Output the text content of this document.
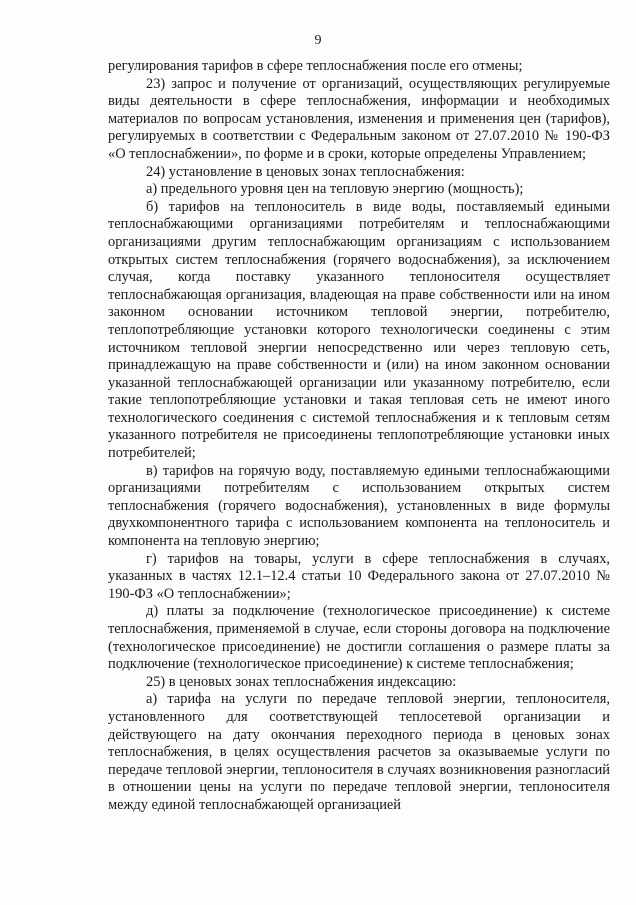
9

регулирования тарифов в сфере теплоснабжения после его отмены;

23) запрос и получение от организаций, осуществляющих регулируемые виды деятельности в сфере теплоснабжения, информации и необходимых материалов по вопросам установления, изменения и применения цен (тарифов), регулируемых в соответствии с Федеральным законом от 27.07.2010 № 190-ФЗ «О теплоснабжении», по форме и в сроки, которые определены Управлением;

24) установление в ценовых зонах теплоснабжения:

а) предельного уровня цен на тепловую энергию (мощность);

б) тарифов на теплоноситель в виде воды, поставляемый едиными теплоснабжающими организациями потребителям и теплоснабжающими организациями другим теплоснабжающим организациям с использованием открытых систем теплоснабжения (горячего водоснабжения), за исключением случая, когда поставку указанного теплоносителя осуществляет теплоснабжающая организация, владеющая на праве собственности или на ином законном основании источником тепловой энергии, потребителю, теплопотребляющие установки которого технологически соединены с этим источником тепловой энергии непосредственно или через тепловую сеть, принадлежащую на праве собственности и (или) на ином законном основании указанной теплоснабжающей организации или указанному потребителю, если такие теплопотребляющие установки и такая тепловая сеть не имеют иного технологического соединения с системой теплоснабжения и к тепловым сетям указанного потребителя не присоединены теплопотребляющие установки иных потребителей;

в) тарифов на горячую воду, поставляемую едиными теплоснабжающими организациями потребителям с использованием открытых систем теплоснабжения (горячего водоснабжения), установленных в виде формулы двухкомпонентного тарифа с использованием компонента на теплоноситель и компонента на тепловую энергию;

г) тарифов на товары, услуги в сфере теплоснабжения в случаях, указанных в частях 12.1–12.4 статьи 10 Федерального закона от 27.07.2010 № 190-ФЗ «О теплоснабжении»;

д) платы за подключение (технологическое присоединение) к системе теплоснабжения, применяемой в случае, если стороны договора на подключение (технологическое присоединение) не достигли соглашения о размере платы за подключение (технологическое присоединение) к системе теплоснабжения;

25) в ценовых зонах теплоснабжения индексацию:

а) тарифа на услуги по передаче тепловой энергии, теплоносителя, установленного для соответствующей теплосетевой организации и действующего на дату окончания переходного периода в ценовых зонах теплоснабжения, в целях осуществления расчетов за оказываемые услуги по передаче тепловой энергии, теплоносителя в случаях возникновения разногласий в отношении цены на услуги по передаче тепловой энергии, теплоносителя между единой теплоснабжающей организацией
